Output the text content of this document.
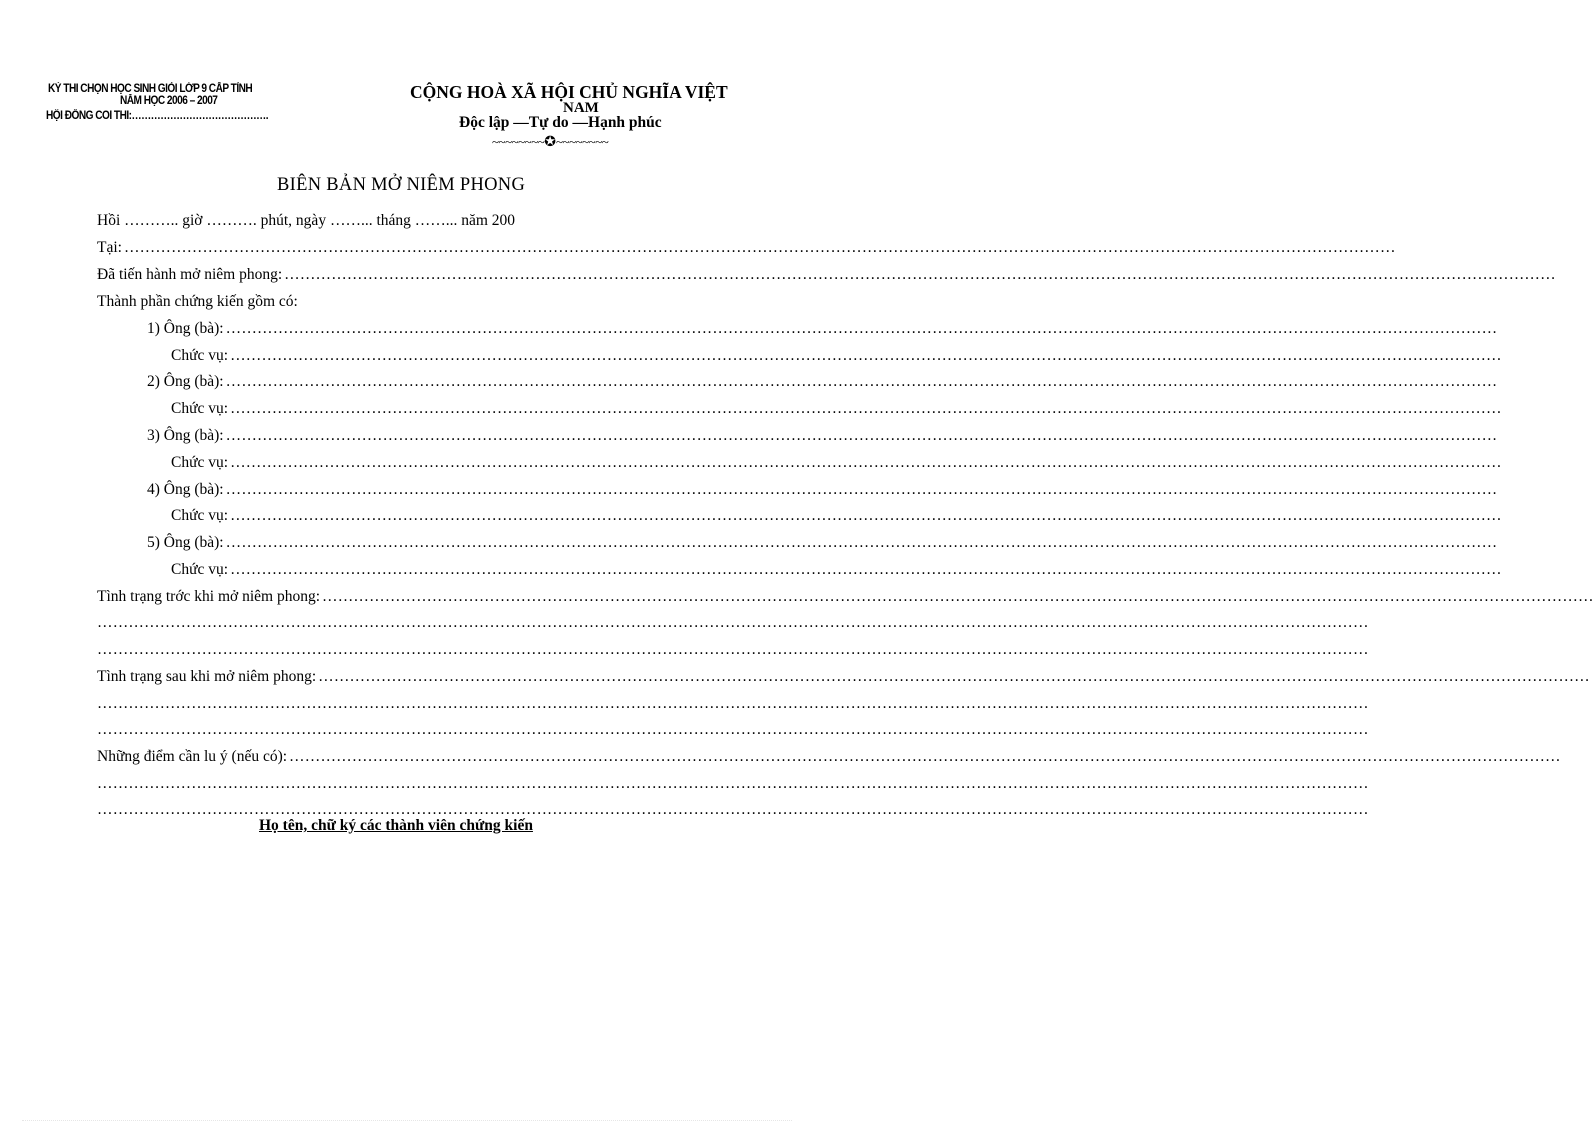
KỲ THI CHỌN HỌC SINH GIỎI LỚP 9 CẤP TỈNH
NĂM HỌC 2006 – 2007
HỘI ĐỒNG COI THI:…………………………………….
CỘNG HOÀ XÃ HỘI CHỦ NGHĨA VIỆT
NAM
Độc lập —Tự do —Hạnh phúc
~~~~~~~~✪~~~~~~~~
BIÊN BẢN MỞ NIÊM PHONG
Hồi ……….. giờ ………. phút, ngày ……... tháng ……... năm 200
Tại: ………………………………………………………………………………………………………………………………………………………………………………………………………………………
Đã tiến hành mở niêm phong: ………………………………………………………………………………………………………………………………………………………………………………………………………………………
Thành phần chứng kiến gồm có:
1) Ông (bà): ………………………………………………………………………………………………………………………………………………………………………………………………………………………
Chức vụ: ………………………………………………………………………………………………………………………………………………………………………………………………………………………
2) Ông (bà): ………………………………………………………………………………………………………………………………………………………………………………………………………………………
Chức vụ: ………………………………………………………………………………………………………………………………………………………………………………………………………………………
3) Ông (bà): ………………………………………………………………………………………………………………………………………………………………………………………………………………………
Chức vụ: ………………………………………………………………………………………………………………………………………………………………………………………………………………………
4) Ông (bà): ………………………………………………………………………………………………………………………………………………………………………………………………………………………
Chức vụ: ………………………………………………………………………………………………………………………………………………………………………………………………………………………
5) Ông (bà): ………………………………………………………………………………………………………………………………………………………………………………………………………………………
Chức vụ: ………………………………………………………………………………………………………………………………………………………………………………………………………………………
Tình trạng trớc khi mở niêm phong: ………………………………………………………………………………………………………………………………………………………………………………………………………………………
………………………………………………………………………………………………………………………………………………………………………………………………………………………
………………………………………………………………………………………………………………………………………………………………………………………………………………………
Tình trạng sau khi mở niêm phong: ………………………………………………………………………………………………………………………………………………………………………………………………………………………
………………………………………………………………………………………………………………………………………………………………………………………………………………………
………………………………………………………………………………………………………………………………………………………………………………………………………………………
Những điểm cần lu ý (nếu có): ………………………………………………………………………………………………………………………………………………………………………………………………………………………
………………………………………………………………………………………………………………………………………………………………………………………………………………………
………………………………………………………………………………………………………………………………………………………………………………………………………………………
Họ tên, chữ ký các thành viên chứng kiến
